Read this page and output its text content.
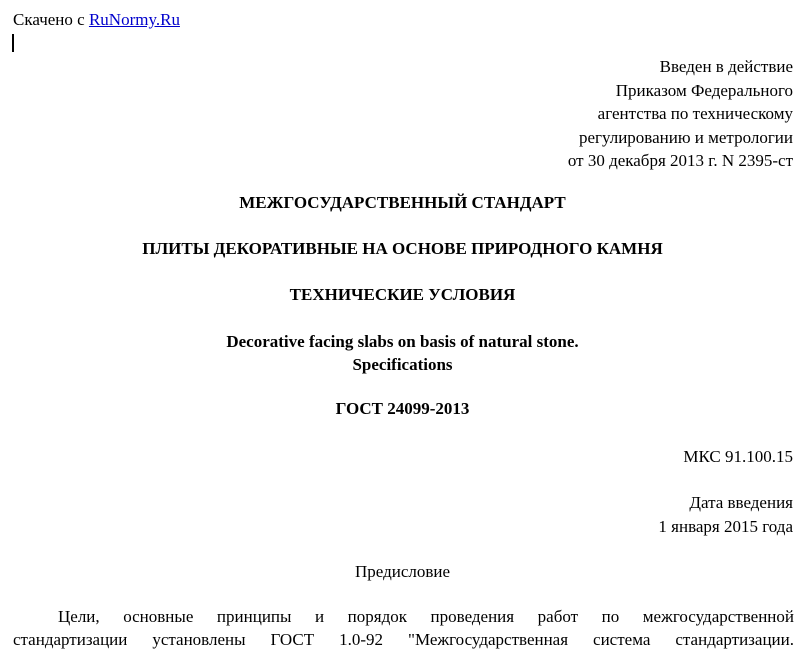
Скачено с RuNormy.Ru
Введен в действие
Приказом Федерального
агентства по техническому
регулированию и метрологии
от 30 декабря 2013 г. N 2395-ст
МЕЖГОСУДАРСТВЕННЫЙ СТАНДАРТ
ПЛИТЫ ДЕКОРАТИВНЫЕ НА ОСНОВЕ ПРИРОДНОГО КАМНЯ
ТЕХНИЧЕСКИЕ УСЛОВИЯ
Decorative facing slabs on basis of natural stone.
Specifications
ГОСТ 24099-2013
МКС 91.100.15
Дата введения
1 января 2015 года
Предисловие
Цели, основные принципы и порядок проведения работ по межгосударственной
стандартизации установлены ГОСТ 1.0-92 "Межгосударственная система стандартизации.
